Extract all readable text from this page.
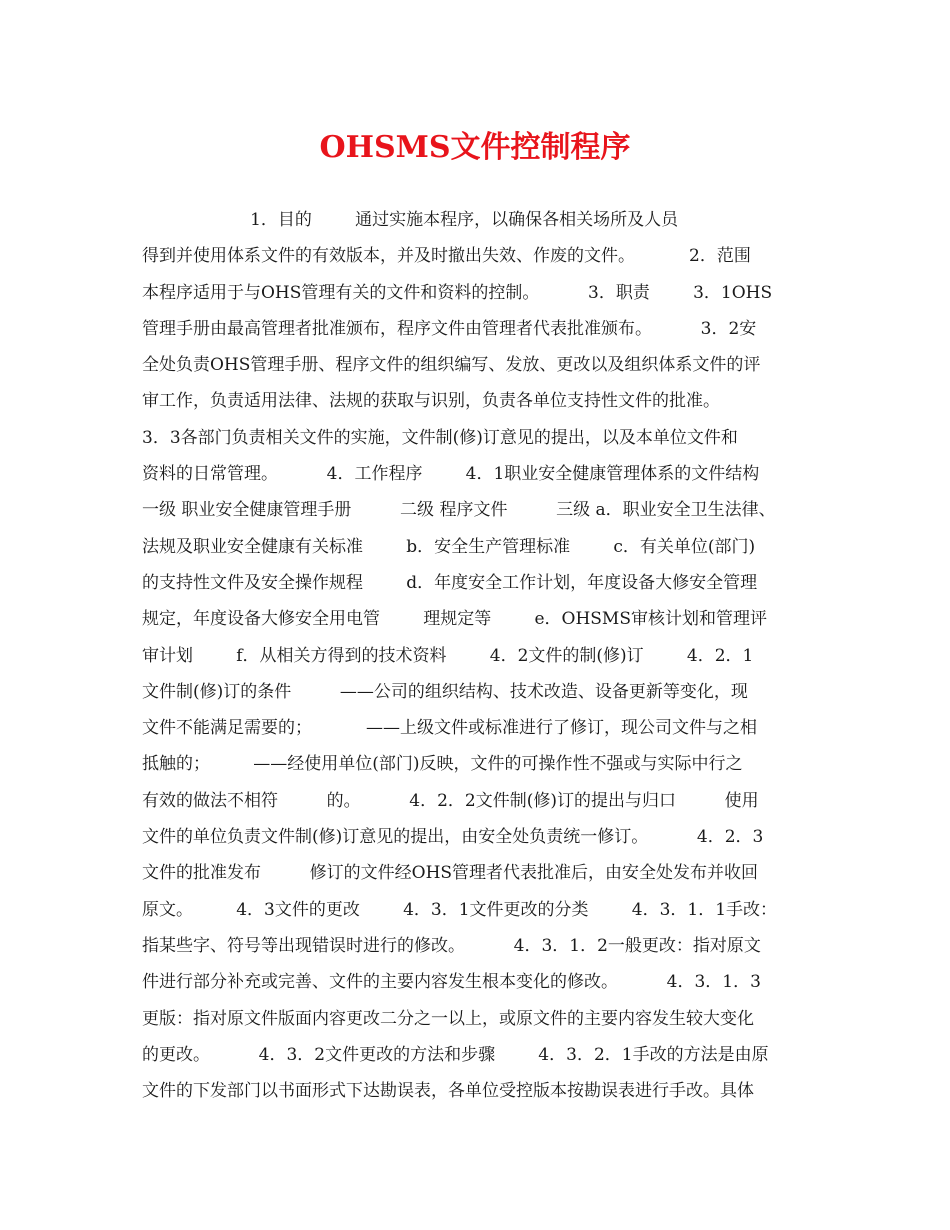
OHSMS文件控制程序
1．目的        通过实施本程序，以确保各相关场所及人员
得到并使用体系文件的有效版本，并及时撤出失效、作废的文件。          2．范围
本程序适用于与OHS管理有关的文件和资料的控制。         3．职责        3．1OHS
管理手册由最高管理者批准颁布，程序文件由管理者代表批准颁布。         3．2安
全处负责OHS管理手册、程序文件的组织编写、发放、更改以及组织体系文件的评
审工作，负责适用法律、法规的获取与识别，负责各单位支持性文件的批准。
3．3各部门负责相关文件的实施，文件制(修)订意见的提出，以及本单位文件和
资料的日常管理。         4．工作程序        4．1职业安全健康管理体系的文件结构
一级 职业安全健康管理手册         二级 程序文件         三级 a．职业安全卫生法律、
法规及职业安全健康有关标准        b．安全生产管理标准        c．有关单位(部门)
的支持性文件及安全操作规程        d．年度安全工作计划，年度设备大修安全管理
规定，年度设备大修安全用电管        理规定等        e．OHSMS审核计划和管理评
审计划        f．从相关方得到的技术资料        4．2文件的制(修)订        4．2．1
文件制(修)订的条件         ——公司的组织结构、技术改造、设备更新等变化，现
文件不能满足需要的；          ——上级文件或标准进行了修订，现公司文件与之相
抵触的；        ——经使用单位(部门)反映，文件的可操作性不强或与实际中行之
有效的做法不相符         的。         4．2．2文件制(修)订的提出与归口         使用
文件的单位负责文件制(修)订意见的提出，由安全处负责统一修订。         4．2．3
文件的批准发布         修订的文件经OHS管理者代表批准后，由安全处发布并收回
原文。        4．3文件的更改        4．3．1文件更改的分类        4．3．1．1手改：
指某些字、符号等出现错误时进行的修改。         4．3．1．2一般更改：指对原文
件进行部分补充或完善、文件的主要内容发生根本变化的修改。         4．3．1．3
更版：指对原文件版面内容更改二分之一以上，或原文件的主要内容发生较大变化
的更改。         4．3．2文件更改的方法和步骤        4．3．2．1手改的方法是由原
文件的下发部门以书面形式下达勘误表，各单位受控版本按勘误表进行手改。具体
